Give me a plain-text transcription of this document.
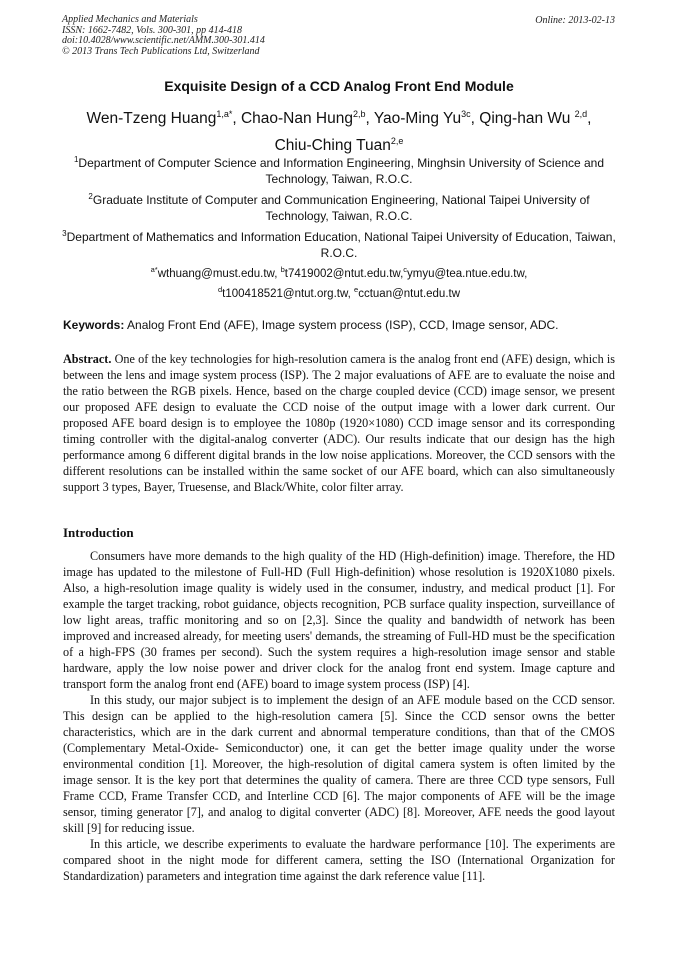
Applied Mechanics and Materials
ISSN: 1662-7482, Vols. 300-301, pp 414-418
doi:10.4028/www.scientific.net/AMM.300-301.414
© 2013 Trans Tech Publications Ltd, Switzerland
Online: 2013-02-13
Exquisite Design of a CCD Analog Front End Module
Wen-Tzeng Huang$^{1,a*}$, Chao-Nan Hung$^{2,b}$, Yao-Ming $Yu^{3c}$, Qing-han Wu $^{2,d}$,
Chiu-Ching Tuan$^{2,e}$
$^1$Department of Computer Science and Information Engineering, Minghsin University of Science and Technology, Taiwan, R.O.C.
$^2$Graduate Institute of Computer and Communication Engineering, National Taipei University of Technology, Taiwan, R.O.C.
$^3$Department of Mathematics and Information Education, National Taipei University of Education, Taiwan, R.O.C.
$^{a*}$wthuang@must.edu.tw, $^b$t7419002@ntut.edu.tw,$^c$ymyu@tea.ntue.edu.tw,
$^d$t100418521@ntut.org.tw, $^e$cctuan@ntut.edu.tw
Keywords: Analog Front End (AFE), Image system process (ISP), CCD, Image sensor, ADC.
Abstract. One of the key technologies for high-resolution camera is the analog front end (AFE) design, which is between the lens and image system process (ISP). The 2 major evaluations of AFE are to evaluate the noise and the ratio between the RGB pixels. Hence, based on the charge coupled device (CCD) image sensor, we present our proposed AFE design to evaluate the CCD noise of the output image with a lower dark current. Our proposed AFE board design is to employee the 1080p (1920×1080) CCD image sensor and its corresponding timing controller with the digital-analog converter (ADC). Our results indicate that our design has the high performance among 6 different digital brands in the low noise applications. Moreover, the CCD sensors with the different resolutions can be installed within the same socket of our AFE board, which can also simultaneously support 3 types, Bayer, Truesense, and Black/White, color filter array.
Introduction

Consumers have more demands to the high quality of the HD (High-definition) image. Therefore, the HD image has updated to the milestone of Full-HD (Full High-definition) whose resolution is 1920X1080 pixels. Also, a high-resolution image quality is widely used in the consumer, industry, and medical product [1]. For example the target tracking, robot guidance, objects recognition, PCB surface quality inspection, surveillance of low light areas, traffic monitoring and so on [2,3]. Since the quality and bandwidth of network has been improved and increased already, for meeting users' demands, the streaming of Full-HD must be the specification of a high-FPS (30 frames per second). Such the system requires a high-resolution image sensor and stable hardware, apply the low noise power and driver clock for the analog front end system. Image capture and transport form the analog front end (AFE) board to image system process (ISP) [4].

In this study, our major subject is to implement the design of an AFE module based on the CCD sensor. This design can be applied to the high-resolution camera [5]. Since the CCD sensor owns the better characteristics, which are in the dark current and abnormal temperature conditions, than that of the CMOS (Complementary Metal-Oxide- Semiconductor) one, it can get the better image quality under the worse environmental condition [1]. Moreover, the high-resolution of digital camera system is often limited by the image sensor. It is the key port that determines the quality of camera. There are three CCD type sensors, Full Frame CCD, Frame Transfer CCD, and Interline CCD [6]. The major components of AFE will be the image sensor, timing generator [7], and analog to digital converter (ADC) [8]. Moreover, AFE needs the good layout skill [9] for reducing issue.

In this article, we describe experiments to evaluate the hardware performance [10]. The experiments are compared shoot in the night mode for different camera, setting the ISO (International Organization for Standardization) parameters and integration time against the dark reference value [11].
